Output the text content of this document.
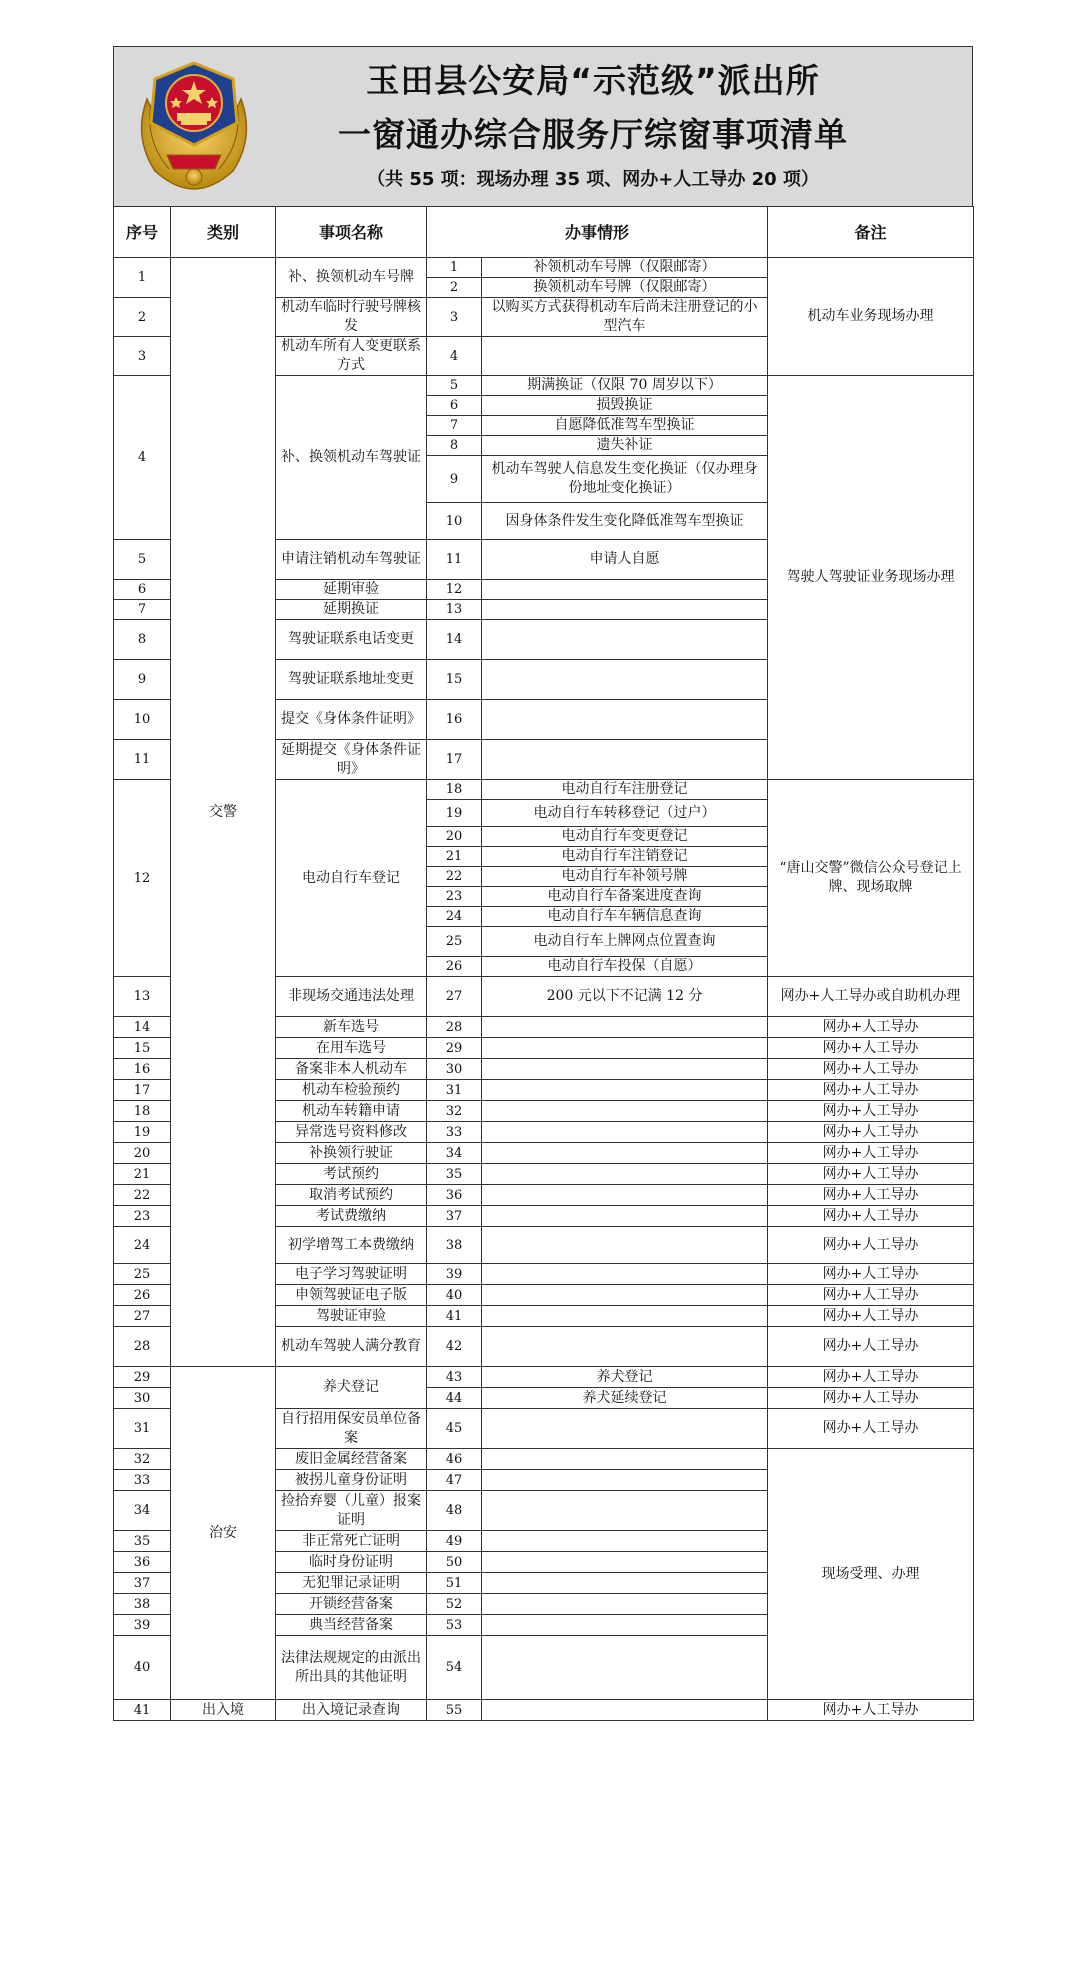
玉田县公安局“示范级”派出所
一窗通办综合服务厅综窗事项清单
（共 55 项：现场办理 35 项、网办+人工导办 20 项）
序号	类别	事项名称	办事情形		备注
1	交警	补、换领机动车号牌	1	补领机动车号牌（仅限邮寄）	机动车业务现场办理
			2	换领机动车号牌（仅限邮寄）	
2		机动车临时行驶号牌核发	3	以购买方式获得机动车后尚未注册登记的小型汽车	
3		机动车所有人变更联系方式	4		
4		补、换领机动车驾驶证	5	期满换证（仅限 70 周岁以下）	驾驶人驾驶证业务现场办理
			6	损毁换证	
			7	自愿降低准驾车型换证	
			8	遗失补证	
			9	机动车驾驶人信息发生变化换证（仅办理身份地址变化换证）	
			10	因身体条件发生变化降低准驾车型换证	
5		申请注销机动车驾驶证	11	申请人自愿	
6		延期审验	12		
7		延期换证	13		
8		驾驶证联系电话变更	14		
9		驾驶证联系地址变更	15		
10		提交《身体条件证明》	16		
11		延期提交《身体条件证明》	17		
12		电动自行车登记	18	电动自行车注册登记	“唐山交警”微信公众号登记上牌、现场取牌
			19	电动自行车转移登记（过户）	
			20	电动自行车变更登记	
			21	电动自行车注销登记	
			22	电动自行车补领号牌	
			23	电动自行车备案进度查询	
			24	电动自行车车辆信息查询	
			25	电动自行车上牌网点位置查询	
			26	电动自行车投保（自愿）	
13		非现场交通违法处理	27	200 元以下不记满 12 分	网办+人工导办或自助机办理
14		新车选号	28		网办+人工导办
15		在用车选号	29		网办+人工导办
16		备案非本人机动车	30		网办+人工导办
17		机动车检验预约	31		网办+人工导办
18		机动车转籍申请	32		网办+人工导办
19		异常选号资料修改	33		网办+人工导办
20		补换领行驶证	34		网办+人工导办
21		考试预约	35		网办+人工导办
22		取消考试预约	36		网办+人工导办
23		考试费缴纳	37		网办+人工导办
24		初学增驾工本费缴纳	38		网办+人工导办
25		电子学习驾驶证明	39		网办+人工导办
26		申领驾驶证电子版	40		网办+人工导办
27		驾驶证审验	41		网办+人工导办
28		机动车驾驶人满分教育	42		网办+人工导办
29	治安	养犬登记	43	养犬登记	网办+人工导办
30			44	养犬延续登记	网办+人工导办
31		自行招用保安员单位备案	45		网办+人工导办
32		废旧金属经营备案	46		现场受理、办理
33		被拐儿童身份证明	47		
34		捡拾弃婴（儿童）报案证明	48		
35		非正常死亡证明	49		
36		临时身份证明	50		
37		无犯罪记录证明	51		
38		开锁经营备案	52		
39		典当经营备案	53		
40		法律法规规定的由派出所出具的其他证明	54		
41	出入境	出入境记录查询	55		网办+人工导办
